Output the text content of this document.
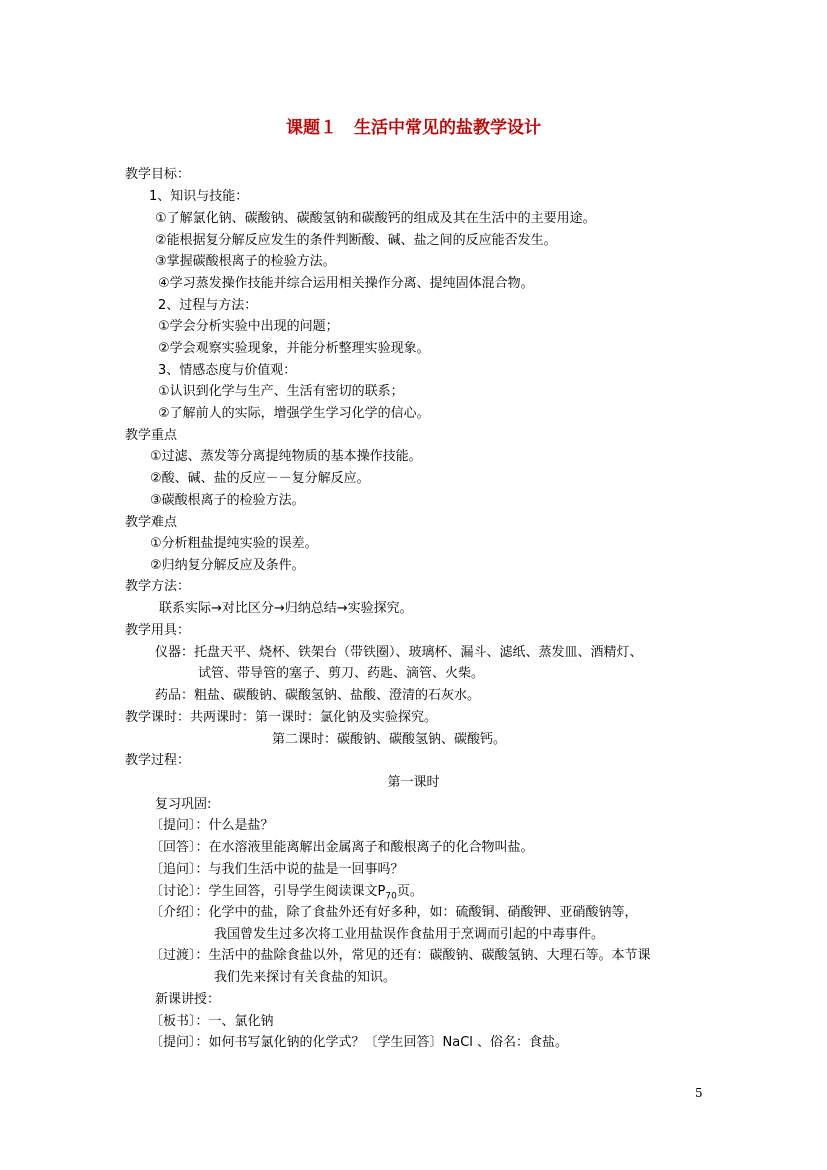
课题１　生活中常见的盐教学设计
教学目标：
1、知识与技能：
①了解氯化钠、碳酸钠、碳酸氢钠和碳酸钙的组成及其在生活中的主要用途。
②能根据复分解反应发生的条件判断酸、碱、盐之间的反应能否发生。
③掌握碳酸根离子的检验方法。
④学习蒸发操作技能并综合运用相关操作分离、提纯固体混合物。
2、过程与方法：
①学会分析实验中出现的问题；
②学会观察实验现象，并能分析整理实验现象。
3、情感态度与价值观：
①认识到化学与生产、生活有密切的联系；
②了解前人的实际，增强学生学习化学的信心。
教学重点
①过滤、蒸发等分离提纯物质的基本操作技能。
②酸、碱、盐的反应－－复分解反应。
③碳酸根离子的检验方法。
教学难点
①分析粗盐提纯实验的误差。
②归纳复分解反应及条件。
教学方法：
联系实际→对比区分→归纳总结→实验探究。
教学用具：
仪器：托盘天平、烧杯、铁架台（带铁圈）、玻璃杯、漏斗、滤纸、蒸发皿、酒精灯、
试管、带导管的塞子、剪刀、药匙、滴管、火柴。
药品：粗盐、碳酸钠、碳酸氢钠、盐酸、澄清的石灰水。
教学课时：共两课时：第一课时：氯化钠及实验探究。
第二课时：碳酸钠、碳酸氢钠、碳酸钙。
教学过程：
第一课时
复习巩固:
〔提问〕：什么是盐？
〔回答〕：在水溶液里能离解出金属离子和酸根离子的化合物叫盐。
〔追问〕：与我们生活中说的盐是一回事吗？
〔讨论〕：学生回答，引导学生阅读课文$P_{70}$页。
〔介绍〕：化学中的盐，除了食盐外还有好多种，如：硫酸铜、硝酸钾、亚硝酸钠等，
我国曾发生过多次将工业用盐误作食盐用于烹调而引起的中毒事件。
〔过渡〕：生活中的盐除食盐以外，常见的还有：碳酸钠、碳酸氢钠、大理石等。本节课
我们先来探讨有关食盐的知识。
新课讲授：
〔板书〕：一、氯化钠
〔提问〕：如何书写氯化钠的化学式？〔学生回答〕NaCl 、俗名：食盐。
5
